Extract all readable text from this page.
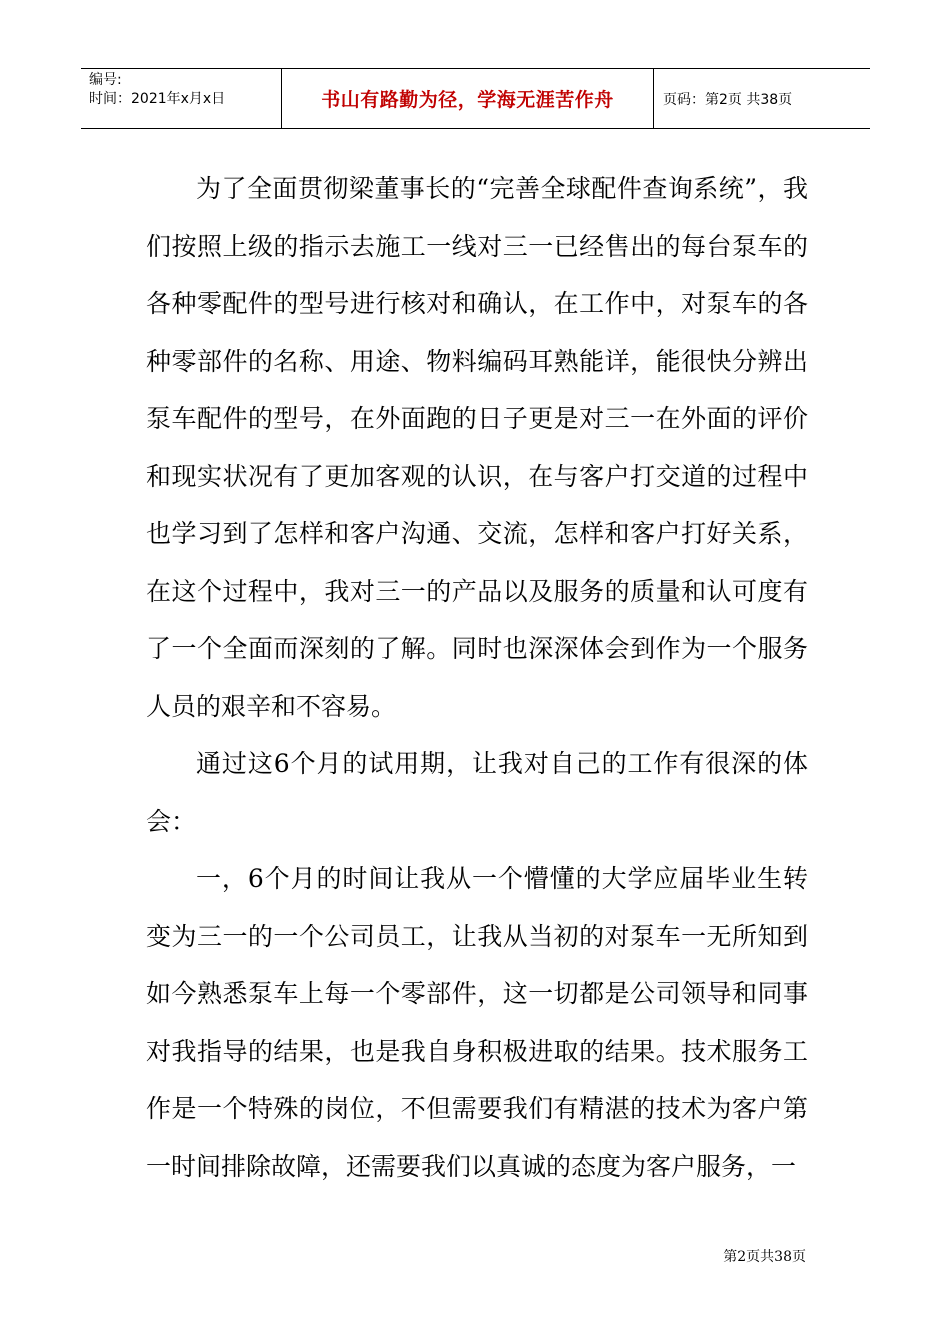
编号:
时间：2021年x月x日	书山有路勤为径，学海无涯苦作舟	页码：第2页 共38页

为了全面贯彻梁董事长的“完善全球配件查询系统”，我们按照上级的指示去施工一线对三一已经售出的每台泵车的各种零配件的型号进行核对和确认，在工作中，对泵车的各种零部件的名称、用途、物料编码耳熟能详，能很快分辨出泵车配件的型号，在外面跑的日子更是对三一在外面的评价和现实状况有了更加客观的认识，在与客户打交道的过程中也学习到了怎样和客户沟通、交流，怎样和客户打好关系，在这个过程中，我对三一的产品以及服务的质量和认可度有了一个全面而深刻的了解。同时也深深体会到作为一个服务人员的艰辛和不容易。

通过这6个月的试用期，让我对自己的工作有很深的体会：

一，6个月的时间让我从一个懵懂的大学应届毕业生转变为三一的一个公司员工，让我从当初的对泵车一无所知到如今熟悉泵车上每一个零部件，这一切都是公司领导和同事对我指导的结果，也是我自身积极进取的结果。技术服务工作是一个特殊的岗位，不但需要我们有精湛的技术为客户第一时间排除故障，还需要我们以真诚的态度为客户服务，一

第2页共38页
